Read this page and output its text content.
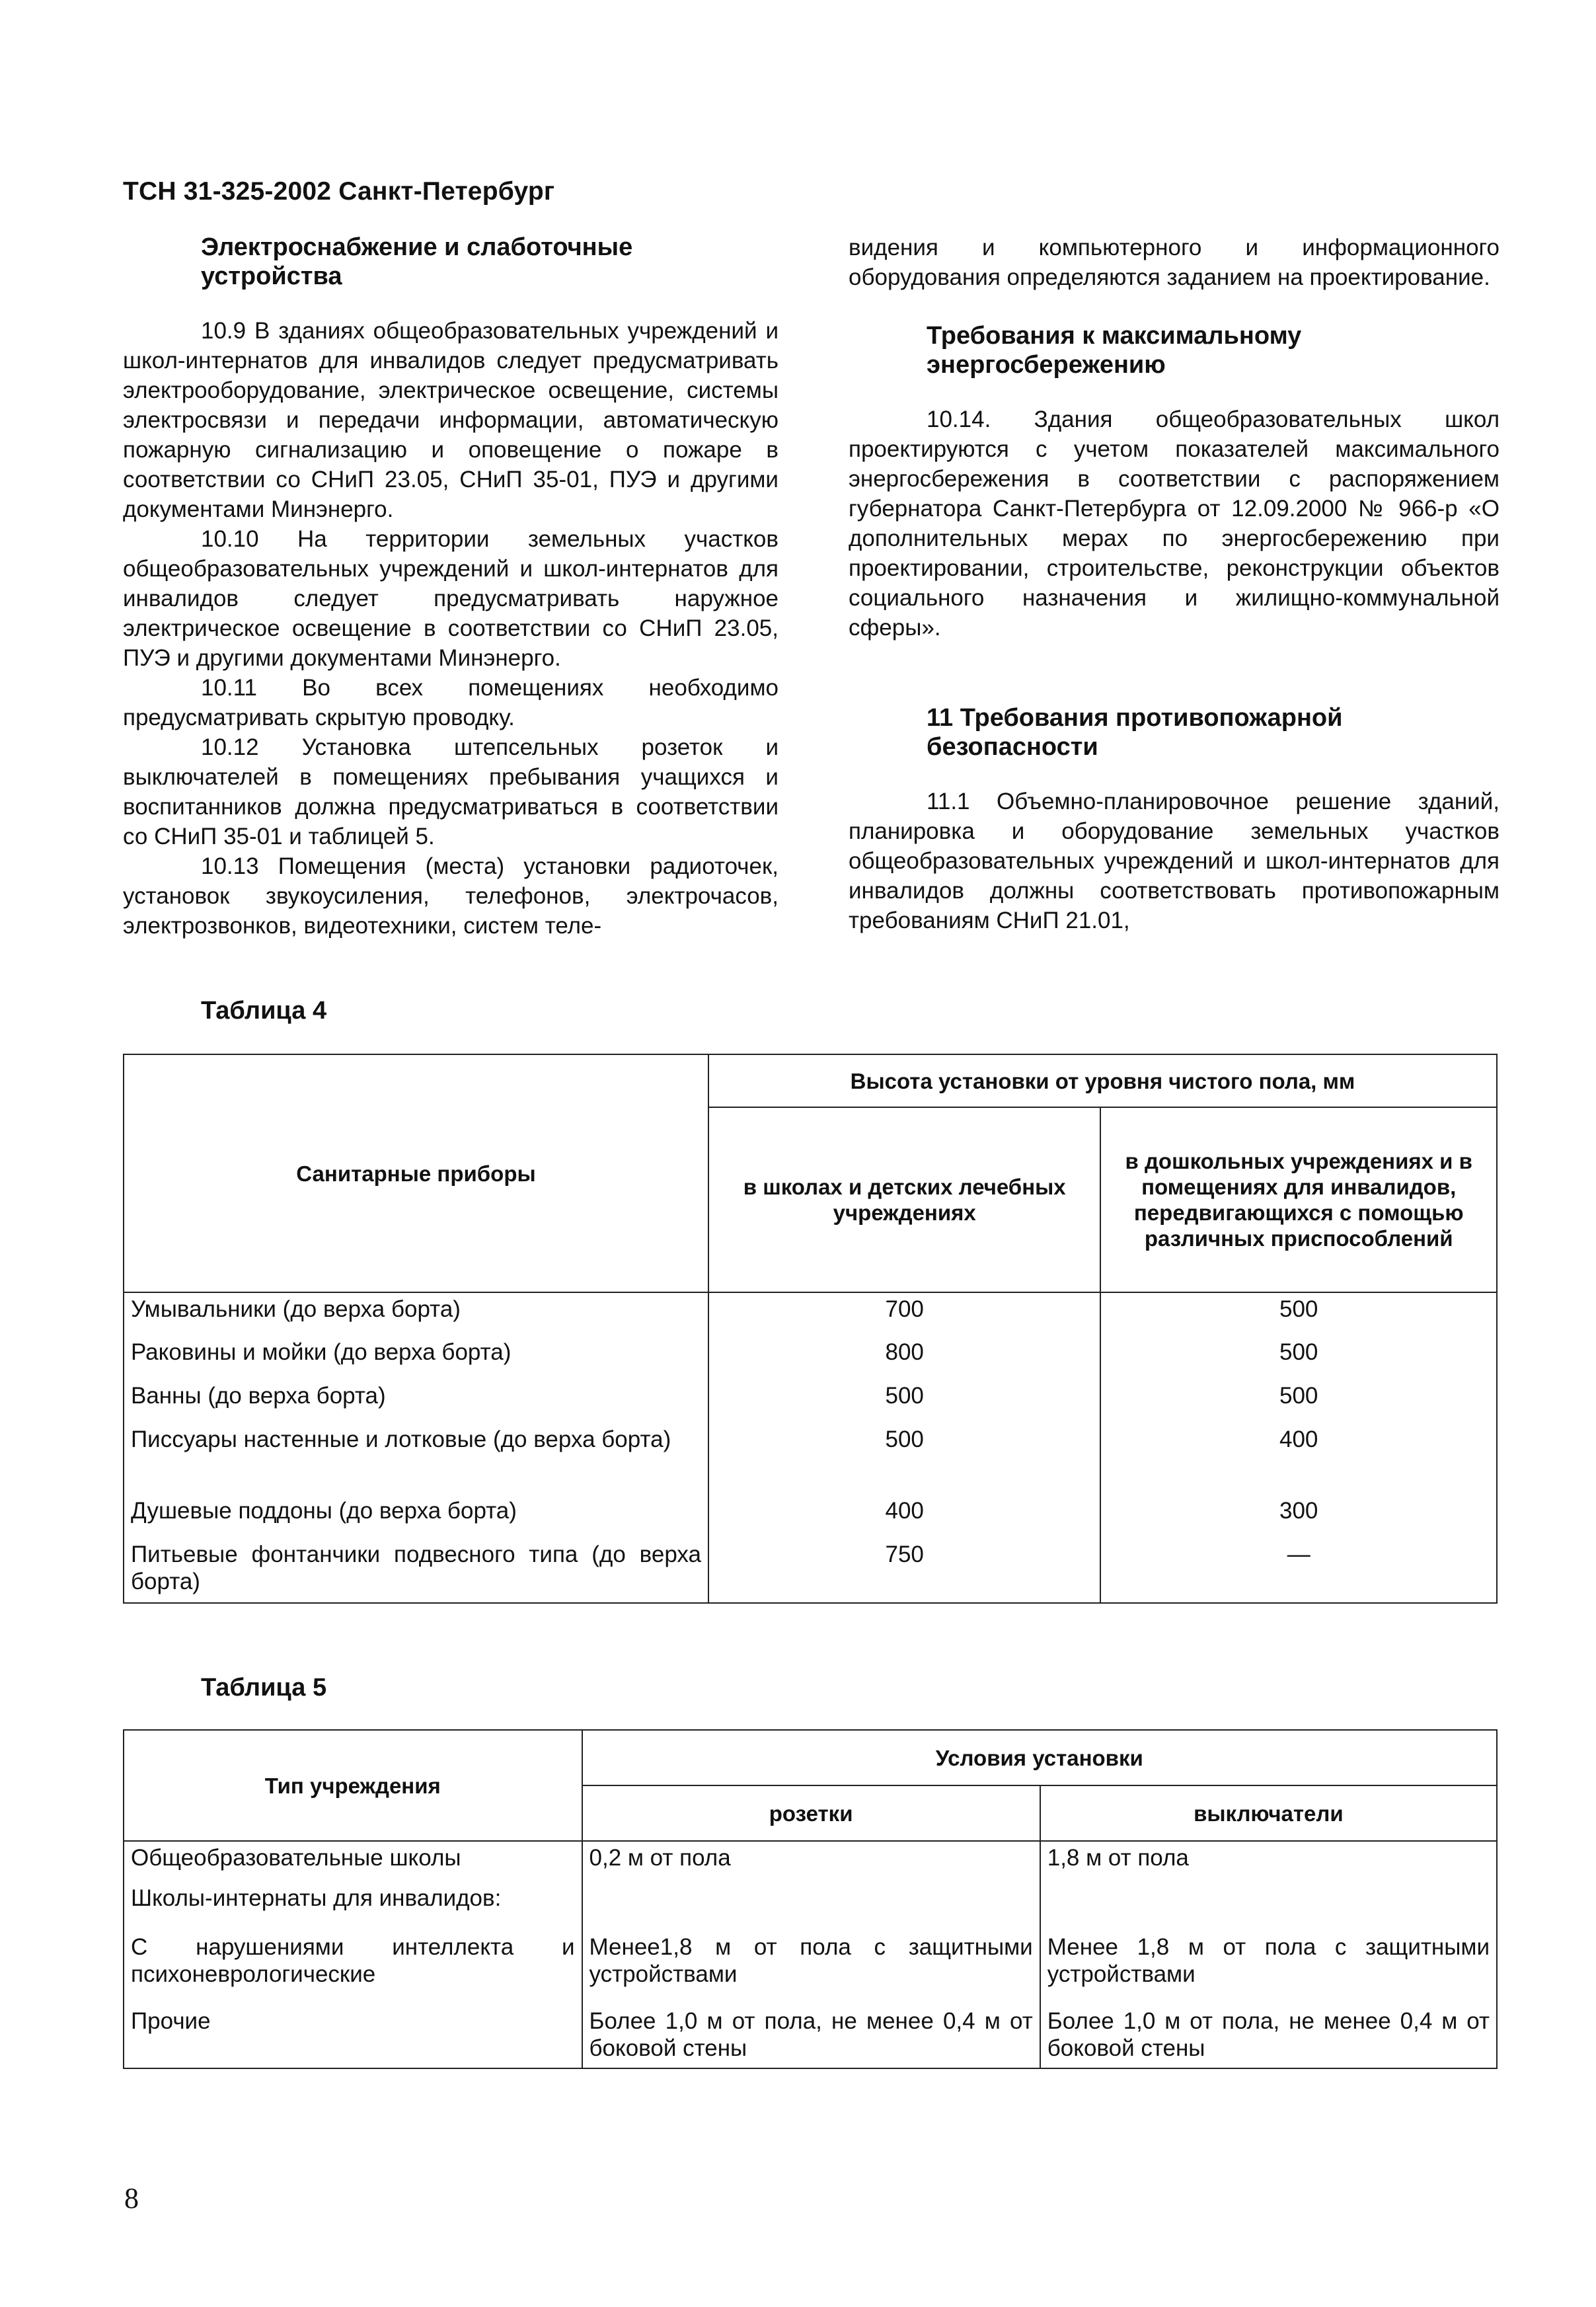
ТСН 31-325-2002 Санкт-Петербург
Электроснабжение и слаботочные устройства

10.9 В зданиях общеобразовательных учреждений и школ-интернатов для инвалидов следует предусматривать электрооборудование, электрическое освещение, системы электросвязи и передачи информации, автоматическую пожарную сигнализацию и оповещение о пожаре в соответствии со СНиП 23.05, СНиП 35-01, ПУЭ и другими документами Минэнерго.

10.10 На территории земельных участков общеобразовательных учреждений и школ-интернатов для инвалидов следует предусматривать наружное электрическое освещение в соответствии со СНиП 23.05, ПУЭ и другими документами Минэнерго.

10.11 Во всех помещениях необходимо предусматривать скрытую проводку.

10.12 Установка штепсельных розеток и выключателей в помещениях пребывания учащихся и воспитанников должна предусматриваться в соответствии со СНиП 35-01 и таблицей 5.

10.13 Помещения (места) установки радиоточек, установок звукоусиления, телефонов, электрочасов, электрозвонков, видеотехники, систем теле-

видения и компьютерного и информационного оборудования определяются заданием на проектирование.

Требования к максимальному энергосбережению

10.14. Здания общеобразовательных школ проектируются с учетом показателей максимального энергосбережения в соответствии с распоряжением губернатора Санкт-Петербурга от 12.09.2000 № 966-р «О дополнительных мерах по энергосбережению при проектировании, строительстве, реконструкции объектов социального назначения и жилищно-коммунальной сферы».

11 Требования противопожарной безопасности

11.1 Объемно-планировочное решение зданий, планировка и оборудование земельных участков общеобразовательных учреждений и школ-интернатов для инвалидов должны соответствовать противопожарным требованиям СНиП 21.01,

Таблица 4
Санитарные приборы	Высота установки от уровня чистого пола, мм	
	в школах и детских лечебных учреждениях	в дошкольных учреждениях и в помещениях для инвалидов, передвигающихся с помощью различных приспособлений
Умывальники (до верха борта)	700	500
Раковины и мойки (до верха борта)	800	500
Ванны (до верха борта)	500	500
Писсуары настенные и лотковые (до верха борта)	500	400
Душевые поддоны (до верха борта)	400	300
Питьевые фонтанчики подвесного типа (до верха борта)	750	—
Таблица 5
Тип учреждения	Условия установки	
	розетки	выключатели
Общеобразовательные школы	0,2 м от пола	1,8 м от пола
Школы-интернаты для инвалидов:		
С нарушениями интеллекта и психоневрологические	Менее1,8 м от пола с защитными устройствами	Менее 1,8 м от пола с защитными устройствами
Прочие	Более 1,0 м от пола, не менее 0,4 м от боковой стены	Более 1,0 м от пола, не менее 0,4 м от боковой стены
8
